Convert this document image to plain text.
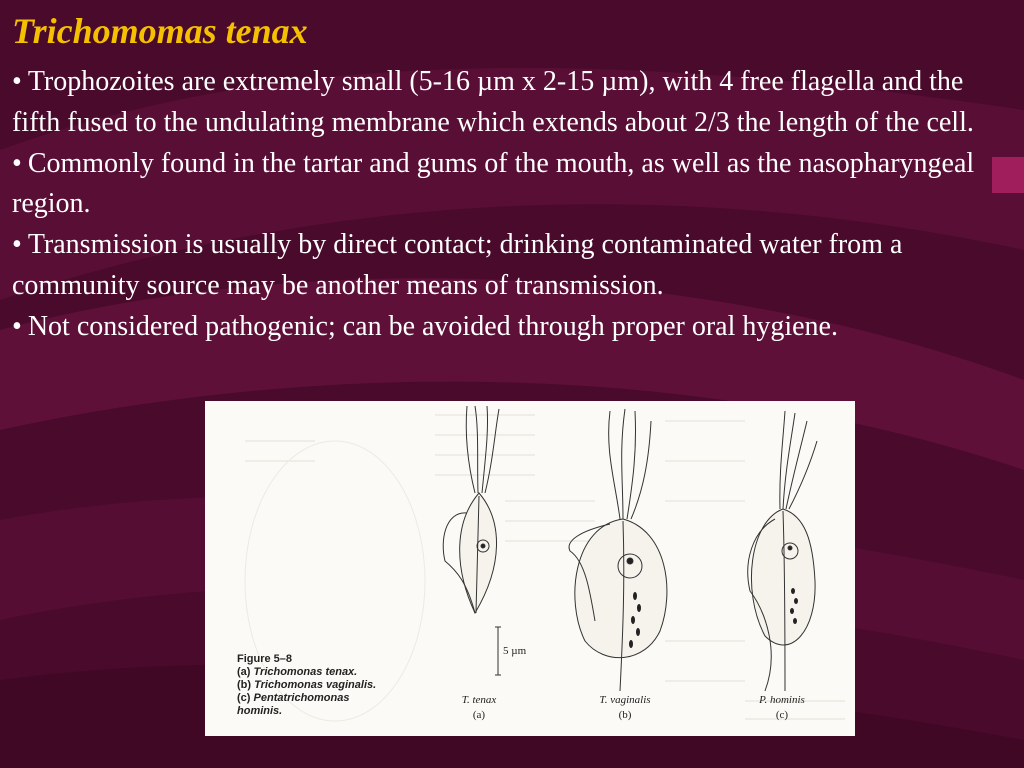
Trichomomas tenax
• Trophozoites are extremely small (5-16 µm x 2-15 µm), with 4 free flagella and the fifth fused to the undulating membrane which extends about 2/3 the length of the cell.
• Commonly found in the tartar and gums of the mouth, as well as the nasopharyngeal region.
• Transmission is usually by direct contact; drinking contaminated water from a community source may be another means of transmission.
• Not considered pathogenic; can be avoided through proper oral hygiene.
Figure 5–8
(a) Trichomonas tenax.
(b) Trichomonas vaginalis.
(c) Pentatrichomonas
hominis.
5 µm
T. tenax
(a)
T. vaginalis
(b)
P. hominis
(c)
